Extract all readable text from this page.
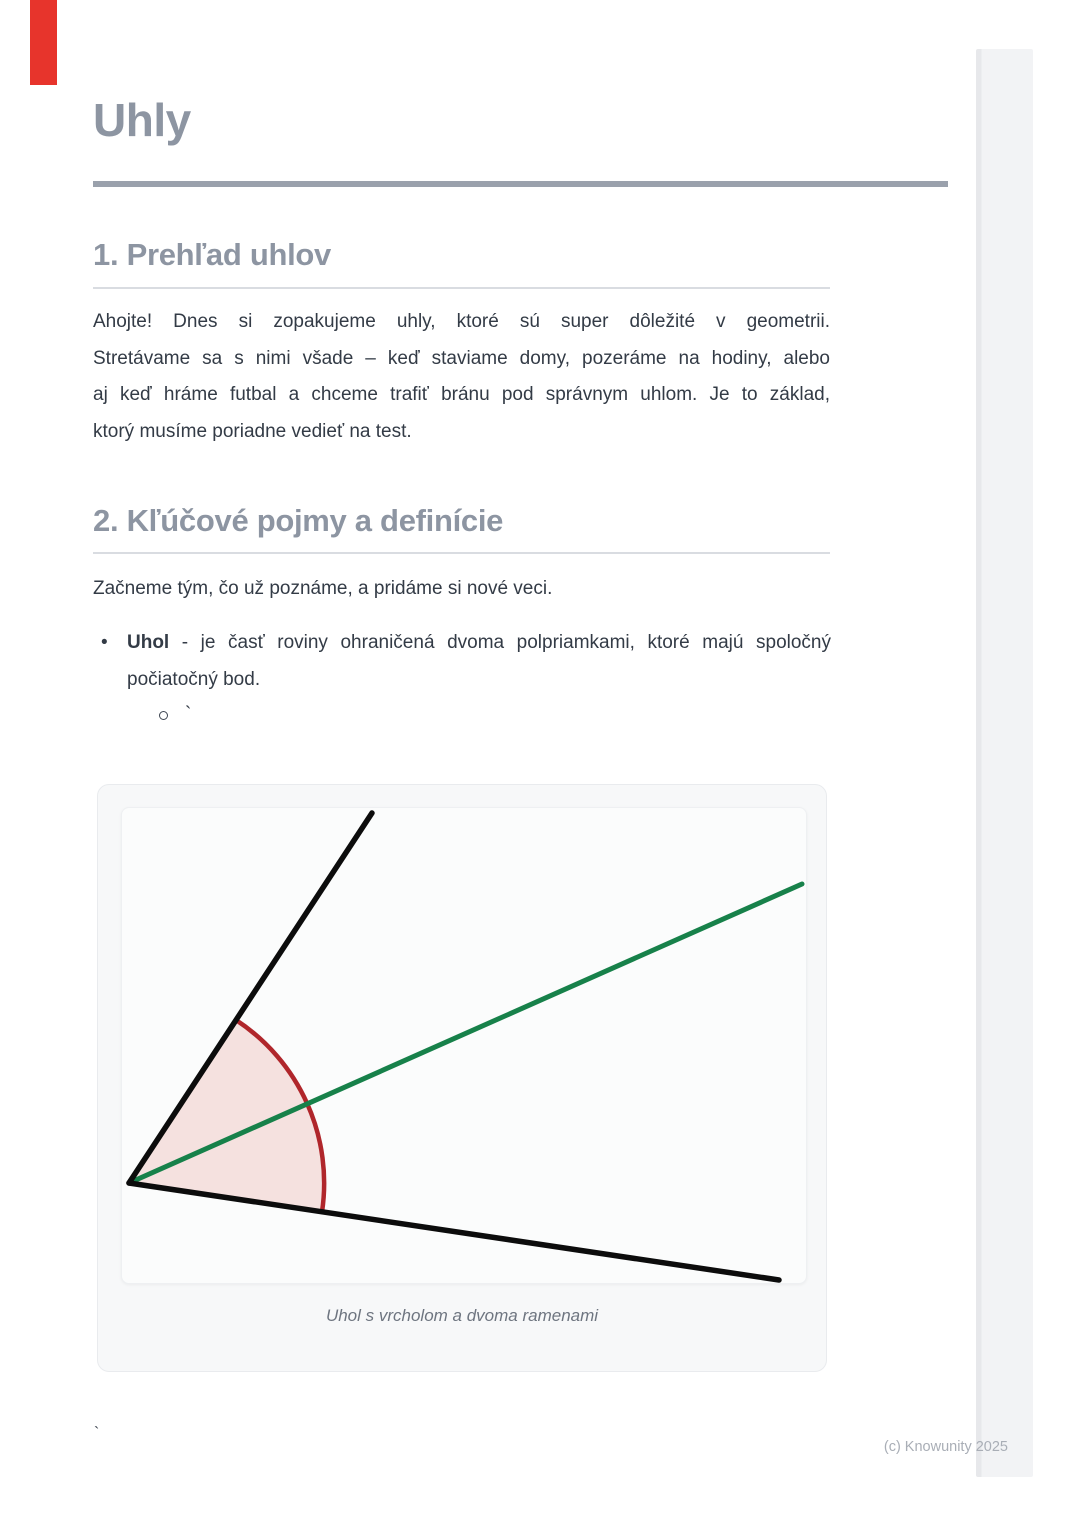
Uhly
1. Prehľad uhlov
Ahojte! Dnes si zopakujeme uhly, ktoré sú super dôležité v geometrii.
Stretávame sa s nimi všade – keď staviame domy, pozeráme na hodiny, alebo
aj keď hráme futbal a chceme trafiť bránu pod správnym uhlom. Je to základ,
ktorý musíme poriadne vedieť na test.
2. Kľúčové pojmy a definície
Začneme tým, čo už poznáme, a pridáme si nové veci.
•	Uhol - je časť roviny ohraničená dvoma polpriamkami, ktoré majú spoločný
počiatočný bod.
`
Uhol s vrcholom a dvoma ramenami
`
(c) Knowunity 2025
